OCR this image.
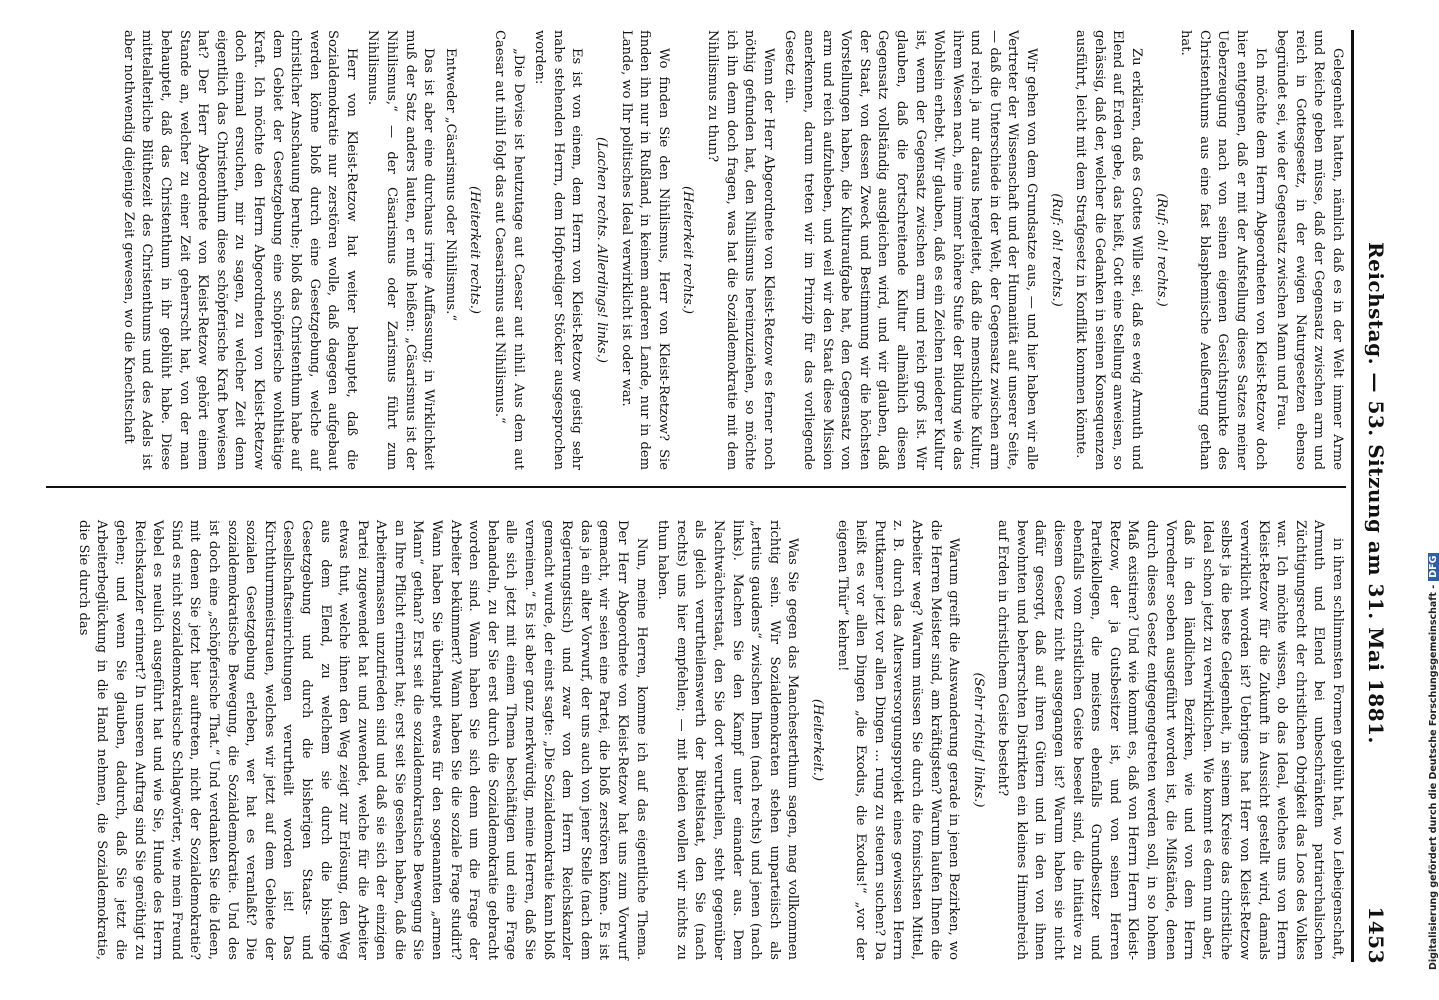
Reichstag. — 53. Sitzung am 31. Mai 1881.
1453

Gelegenheit hatten, nämlich daß es in der Welt immer Arme und Reiche geben müsse, daß der Gegensatz zwischen arm und reich in Gottesgesetz, in der ewigen Naturgesetzen ebenso begründet sei, wie der Gegensatz zwischen Mann und Frau.

Ich möchte dem Herrn Abgeordneten von Kleist-Retzow doch hier entgegnen, daß er mit der Aufstellung dieses Satzes meiner Ueberzeugung nach von seinen eigenen Gesichtspunkte des Christenthums aus eine fast blasphemische Aeußerung gethan hat.

(Ruf: oh! rechts.)

Zu erklären, daß es Gottes Wille sei, daß es ewig Armuth und Elend auf Erden gebe, das heißt, Gott eine Stellung anweisen, so gehässig, daß der, welcher die Gedanken in seinen Konsequenzen ausführt, leicht mit dem Strafgesetz in Konflikt kommen könnte.

(Ruf: oh! rechts.)

Wir gehen von dem Grundsatze aus, — und hier haben wir alle Vertreter der Wissenschaft und der Humanität auf unserer Seite, — daß die Unterschiede in der Welt, der Gegensatz zwischen arm und reich ja nur daraus hergeleitet, daß die menschliche Kultur, ihrem Wesen nach, eine immer höhere Stufe der Bildung wie das Wohlsein erhebt. Wir glauben, daß es ein Zeichen niederer Kultur ist, wenn der Gegensatz zwischen arm und reich groß ist. Wir glauben, daß die fortschreitende Kultur allmählich diesen Gegensatz vollständig ausgleichen wird, und wir glauben, daß der Staat, von dessen Zweck und Bestimmung wir die höchsten Vorstellungen haben, die Kulturaufgabe hat, den Gegensatz von arm und reich aufzuheben, und weil wir den Staat diese Mission anerkennen, darum treten wir im Prinzip für das vorliegende Gesetz ein.

Wenn der Herr Abgeordnete von Kleist-Retzow es ferner noch nöthig gefunden hat, den Nihilismus hereinzuziehen, so möchte ich ihn denn doch fragen, was hat die Sozialdemokratie mit dem Nihilismus zu thun?

(Heiterkeit rechts.)

Wo finden Sie den Nihilismus, Herr von Kleist-Retzow? Sie finden ihn nur in Rußland, in keinem anderen Lande, nur in dem Lande, wo Ihr politisches Ideal verwirklicht ist oder war.

(Lachen rechts. Allerdings! links.)

Es ist von einem, dem Herrn von Kleist-Retzow geistig sehr nahe stehenden Herrn, dem Hofprediger Stöcker ausgesprochen worden:

„Die Devise ist heutzutage aut Caesar aut nihil. Aus dem aut Caesar aut nihil folgt das aut Caesarismus aut Nihilismus.“

(Heiterkeit rechts.)

Entweder „Cäsarismus oder Nihilismus.“

Das ist aber eine durchaus irrige Auffassung; in Wirklichkeit muß der Satz anders lauten, er muß heißen: „Cäsarismus ist der Nihilismus,“ — der Cäsarismus oder Zarismus führt zum Nihilismus.

Herr von Kleist-Retzow hat weiter behauptet, daß die Sozialdemokratie nur zerstören wolle, daß dagegen aufgebaut werden könne bloß durch eine Gesetzgebung, welche auf christlicher Anschauung beruhe; bloß das Christenthum habe auf dem Gebiet der Gesetzgebung eine schöpferische wohlthätige Kraft. Ich möchte den Herrn Abgeordneten von Kleist-Retzow doch einmal ersuchen, mir zu sagen, zu welcher Zeit denn eigentlich das Christenthum diese schöpferische Kraft bewiesen hat? Der Herr Abgeordnete von Kleist-Retzow gehört einem Stande an, welcher zu einer Zeit geherrscht hat, von der man behauptet, daß das Christenthum in ihr geblüht habe. Diese mittelalterliche Blüthezeit des Christenthums und des Adels ist aber nothwendig diejenige Zeit gewesen, wo die Knechtschaft

in ihren schlimmsten Formen geblüht hat, wo Leibeigenschaft, Armuth und Elend bei unbeschränktem patriarchalischen Züchtigungsrecht der christlichen Obrigkeit das Loos des Volkes war. Ich möchte wissen, ob das Ideal, welches uns von Herrn Kleist-Retzow für die Zukunft in Aussicht gestellt wird, damals verwirklicht worden ist? Uebrigens hat Herr von Kleist-Retzow selbst ja die beste Gelegenheit, in seinem Kreise das christliche Ideal schon jetzt zu verwirklichen. Wie kommt es denn nun aber, daß in den ländlichen Bezirken, wie und von dem Herrn Vorredner soeben ausgeführt worden ist, die Mißstände, denen durch dieses Gesetz entgegengetreten werden soll, in so hohem Maß existiren? Und wie kommt es, daß von Herrn Herrn Kleist-Retzow, der ja Gutsbesitzer ist, und von seinen Herren Parteikollegen, die meistens ebenfalls Grundbesitzer und ebenfalls vom christlichen Geiste beseelt sind, die Initiative zu diesem Gesetz nicht ausgegangen ist? Warum haben sie nicht dafür gesorgt, daß auf ihren Gütern und in den von ihnen bewohnten und beherrschten Distrikten ein kleines Himmelreich auf Erden in christlichem Geiste besteht?

(Sehr richtig! links.)

Warum greift die Auswanderung gerade in jenen Bezirken, wo die Herren Meister sind, am kräftigsten? Warum laufen Ihnen die Arbeiter weg? Warum müssen Sie durch die fomischsten Mittel, z. B. durch das Altersversorgungsprojekt eines gewissen Herrn Puttkamer jetzt vor allen Dingen ... rung zu steuern suchen? Da heißt es vor allen Dingen „die Exodus, die Exodus!“ „vor der eigenen Thür“ kehren!

(Heiterkeit.)

Was Sie gegen das Manchesterthum sagen, mag vollkommen richtig sein. Wir Sozialdemokraten stehen unparteiisch als „tertius gaudens“ zwischen Ihnen (nach rechts) und jenen (nach links). Machen Sie den Kampf unter einander aus. Dem Nachtwächterstaat, den Sie dort verurtheilen, steht gegenüber als gleich verurtheilenswerth der Büttelstaat, den Sie (nach rechts) uns hier empfehlen; — mit beiden wollen wir nichts zu thun haben.

Nun, meine Herren, komme ich auf das eigentliche Thema. Der Herr Abgeordnete von Kleist-Retzow hat uns zum Vorwurf gemacht, wir seien eine Partei, die bloß zerstören könne. Es ist das ja ein alter Vorwurf, der uns auch von jener Stelle (nach dem Regierungstisch) und zwar von dem Herrn Reichskanzler gemacht wurde, der einst sagte: „Die Sozialdemokratie kann bloß verneinen.“ Es ist aber ganz merkwürdig, meine Herren, daß Sie alle sich jetzt mit einem Thema beschäftigen und eine Frage behandeln, zu der Sie erst durch die Sozialdemokratie gebracht worden sind. Wann haben Sie sich denn um die Frage der Arbeiter bekümmert? Wann haben Sie die soziale Frage studirt? Wann haben Sie überhaupt etwas für den sogenannten „armen Mann“ gethan? Erst seit die sozialdemokratische Bewegung Sie an Ihre Pflicht erinnert hat; erst seit Sie gesehen haben, daß die Arbeitermassen unzufrieden sind und daß sie sich der einzigen Partei zugewendet hat und zuwendet, welche für die Arbeiter etwas thut, welche ihnen den Weg zeigt zur Erlösung, den Weg aus dem Elend, zu welchem sie durch die bisherige Gesetzgebung und durch die bisherigen Staats- und Gesellschaftseinrichtungen verurtheilt worden ist! Das Kirchthurmmeistrauen, welches wir jetzt auf dem Gebiete der sozialen Gesetzgebung erleben, wer hat es veranlaßt? Die sozialdemokratische Bewegung, die Sozialdemokratie. Und des ist doch eine „schöpferische That.“ Und verdanken Sie die Ideen, mit denen Sie jetzt hier auftreten, nicht der Sozialdemokratie? Sind es nicht sozialdemokratische Schlagwörter, wie mein Freund Vebel es neulich ausgeführt hat und wie Sie, Hunde des Herrn Reichskanzler erinnert? In unseren Auftrag sind Sie genöthigt zu gehen; und wenn Sie glauben, dadurch, daß Sie jetzt die Arbeiterbeglückung in die Hand nehmen, die Sozialdemokratie, die Sie durch das

Digitalisierung gefördert durch die Deutsche Forschungsgemeinschaft -DFG
